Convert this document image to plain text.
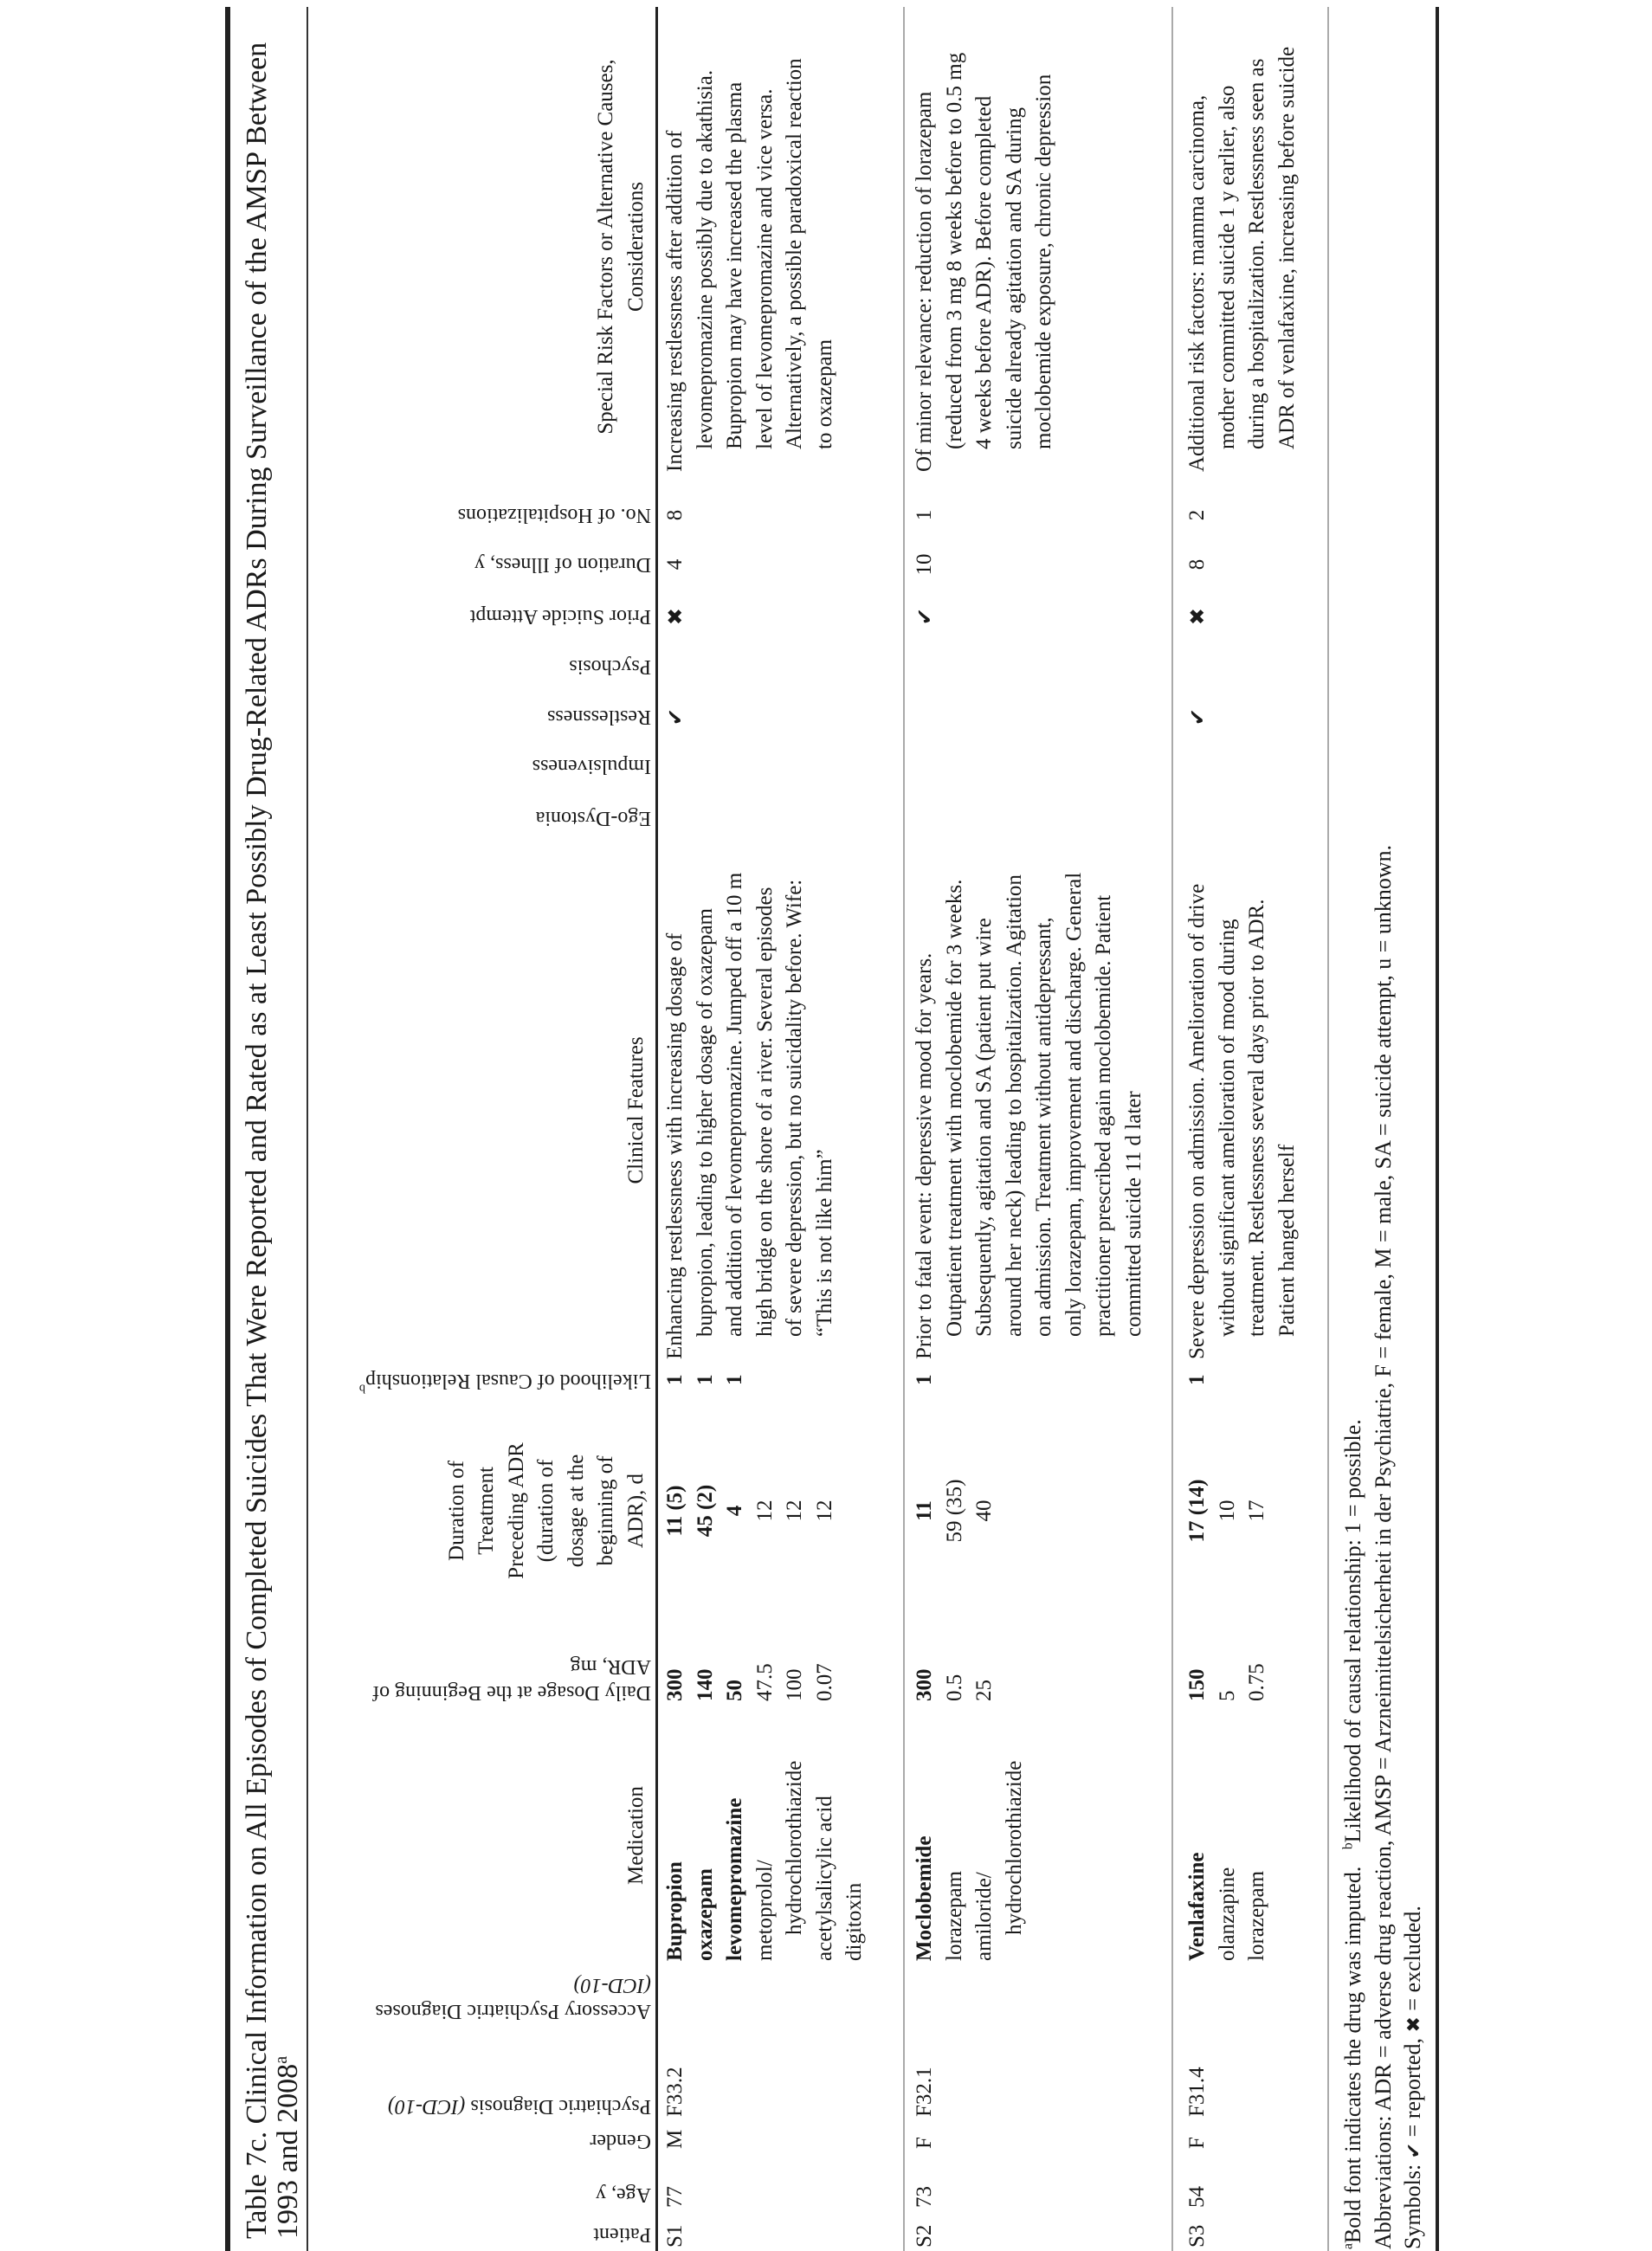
Table 7c. Clinical Information on All Episodes of Completed Suicides That Were Reported and Rated as at Least Possibly Drug-Related ADRs During Surveillance of the AMSP Between 1993 and 2008$^a$
Patient
Age, y
Gender
Psychiatric Diagnosis (ICD-10)
Accessory Psychiatric Diagnoses
(ICD-10)
Daily Dosage at the Beginning of
ADR, mg
Likelihood of Causal Relationship$^b$
Ego-Dystonia
Impulsiveness
Restlessness
Psychosis
Prior Suicide Attempt
Duration of Illness, y
No. of Hospitalizations
Medication
Duration of Treatment Preceding ADR (duration of dosage at the beginning of ADR), d
Clinical Features
Special Risk Factors or Alternative Causes, Considerations
S1
77
M
F33.2
Bupropion
300
11 (5)
1
oxazepam
140
45 (2)
1
levomepromazine
50
4
1
metoprolol/
47.5
12
hydrochlorothiazide
100
12
acetylsalicylic acid
0.07
12
digitoxin
Enhancing restlessness with increasing dosage of bupropion, leading to higher dosage of oxazepam and addition of levomepromazine. Jumped off a 10 m high bridge on the shore of a river. Several episodes of severe depression, but no suicidality before. Wife: “This is not like him”
✔
✖
4
8
Increasing restlessness after addition of levomepromazine possibly due to akathisia. Bupropion may have increased the plasma level of levomepromazine and vice versa. Alternatively, a possible paradoxical reaction to oxazepam
S2
73
F
F32.1
Moclobemide
300
11
1
lorazepam
0.5
59 (35)
amiloride/
25
40
hydrochlorothiazide
Prior to fatal event: depressive mood for years. Outpatient treatment with moclobemide for 3 weeks. Subsequently, agitation and SA (patient put wire around her neck) leading to hospitalization. Agitation on admission. Treatment without antidepressant, only lorazepam, improvement and discharge. General practitioner prescribed again moclobemide. Patient committed suicide 11 d later
✔
10
1
Of minor relevance: reduction of lorazepam (reduced from 3 mg 8 weeks before to 0.5 mg 4 weeks before ADR). Before completed suicide already agitation and SA during moclobemide exposure, chronic depression
S3
54
F
F31.4
Venlafaxine
150
17 (14)
1
olanzapine
5
10
lorazepam
0.75
17
Severe depression on admission. Amelioration of drive without significant amelioration of mood during treatment. Restlessness several days prior to ADR. Patient hanged herself
✔
✖
8
2
Additional risk factors: mamma carcinoma, mother committed suicide 1 y earlier, also during a hospitalization. Restlessness seen as ADR of venlafaxine, increasing before suicide
$^a$Bold font indicates the drug was imputed.  $^b$Likelihood of causal relationship: 1 = possible. Abbreviations: ADR = adverse drug reaction, AMSP = Arzneimittelsicherheit in der Psychiatrie, F = female, M = male, SA = suicide attempt, u = unknown. Symbols: ✔ = reported, ✖ = excluded.
